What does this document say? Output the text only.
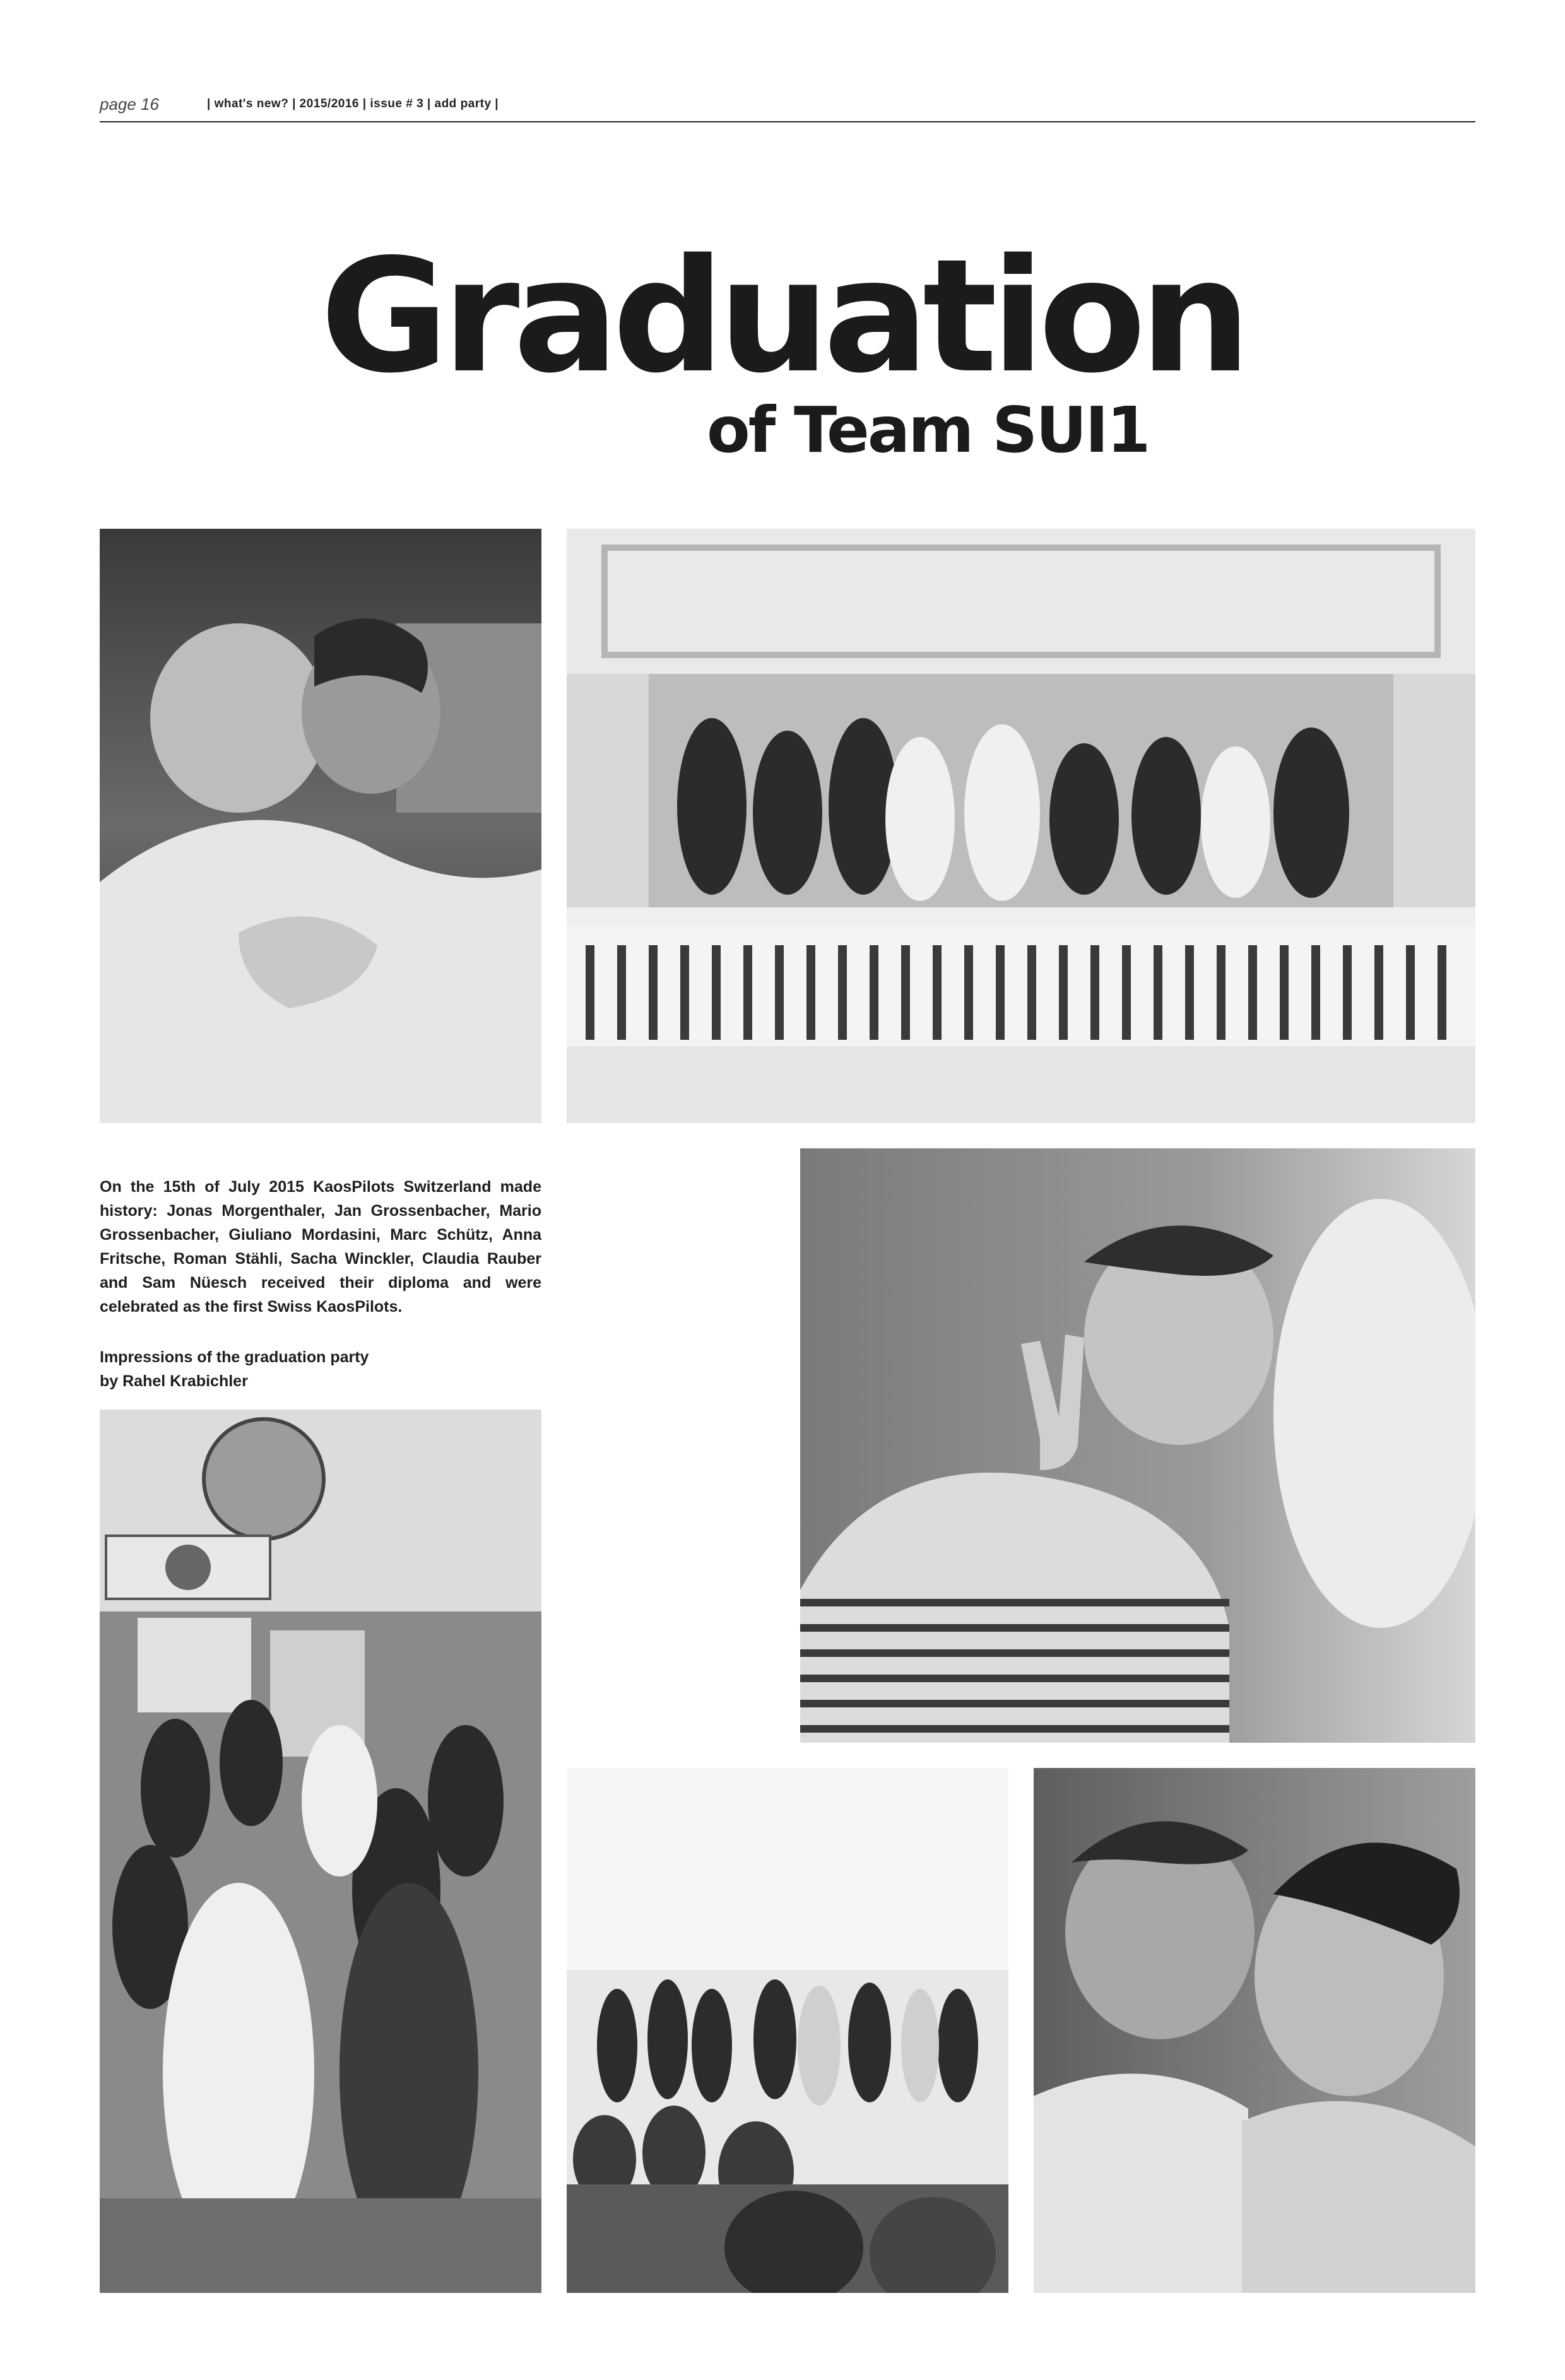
page 16	| what's new? | 2015/2016 | issue # 3 | add party |
Graduation
of Team SUI1
On the 15th of July 2015 KaosPilots Switzerland made history: Jonas Morgenthaler, Jan Grossenbacher, Mario Grossenbacher, Giuliano Mordasini, Marc Schütz, Anna Fritsche, Roman Stähli, Sacha Winckler, Claudia Rauber and Sam Nüesch received their diploma and were celebrated as the first Swiss KaosPilots.
Impressions of the graduation party
by Rahel Krabichler
